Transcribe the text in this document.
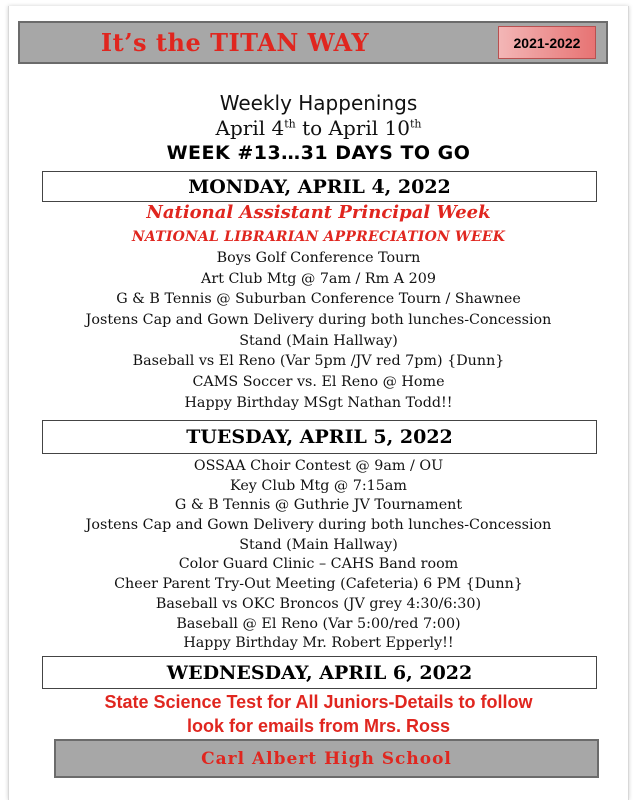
It’s the TITAN WAY	2021-2022
Weekly Happenings
April 4th to April 10th
WEEK #13…31 DAYS TO GO
MONDAY, APRIL 4, 2022
National Assistant Principal Week
NATIONAL LIBRARIAN APPRECIATION WEEK
Boys Golf Conference Tourn
Art Club Mtg @ 7am / Rm A 209
G & B Tennis @ Suburban Conference Tourn / Shawnee
Jostens Cap and Gown Delivery during both lunches-Concession
Stand (Main Hallway)
Baseball vs El Reno (Var 5pm /JV red 7pm) {Dunn}
CAMS Soccer vs. El Reno @ Home
Happy Birthday MSgt Nathan Todd!!
TUESDAY, APRIL 5, 2022
OSSAA Choir Contest @ 9am / OU
Key Club Mtg @ 7:15am
G & B Tennis @ Guthrie JV Tournament
Jostens Cap and Gown Delivery during both lunches-Concession
Stand (Main Hallway)
Color Guard Clinic – CAHS Band room
Cheer Parent Try-Out Meeting (Cafeteria) 6 PM {Dunn}
Baseball vs OKC Broncos (JV grey 4:30/6:30)
Baseball @ El Reno (Var 5:00/red 7:00)
Happy Birthday Mr. Robert Epperly!!
WEDNESDAY, APRIL 6, 2022
State Science Test for All Juniors-Details to follow
look for emails from Mrs. Ross
Carl Albert High School
